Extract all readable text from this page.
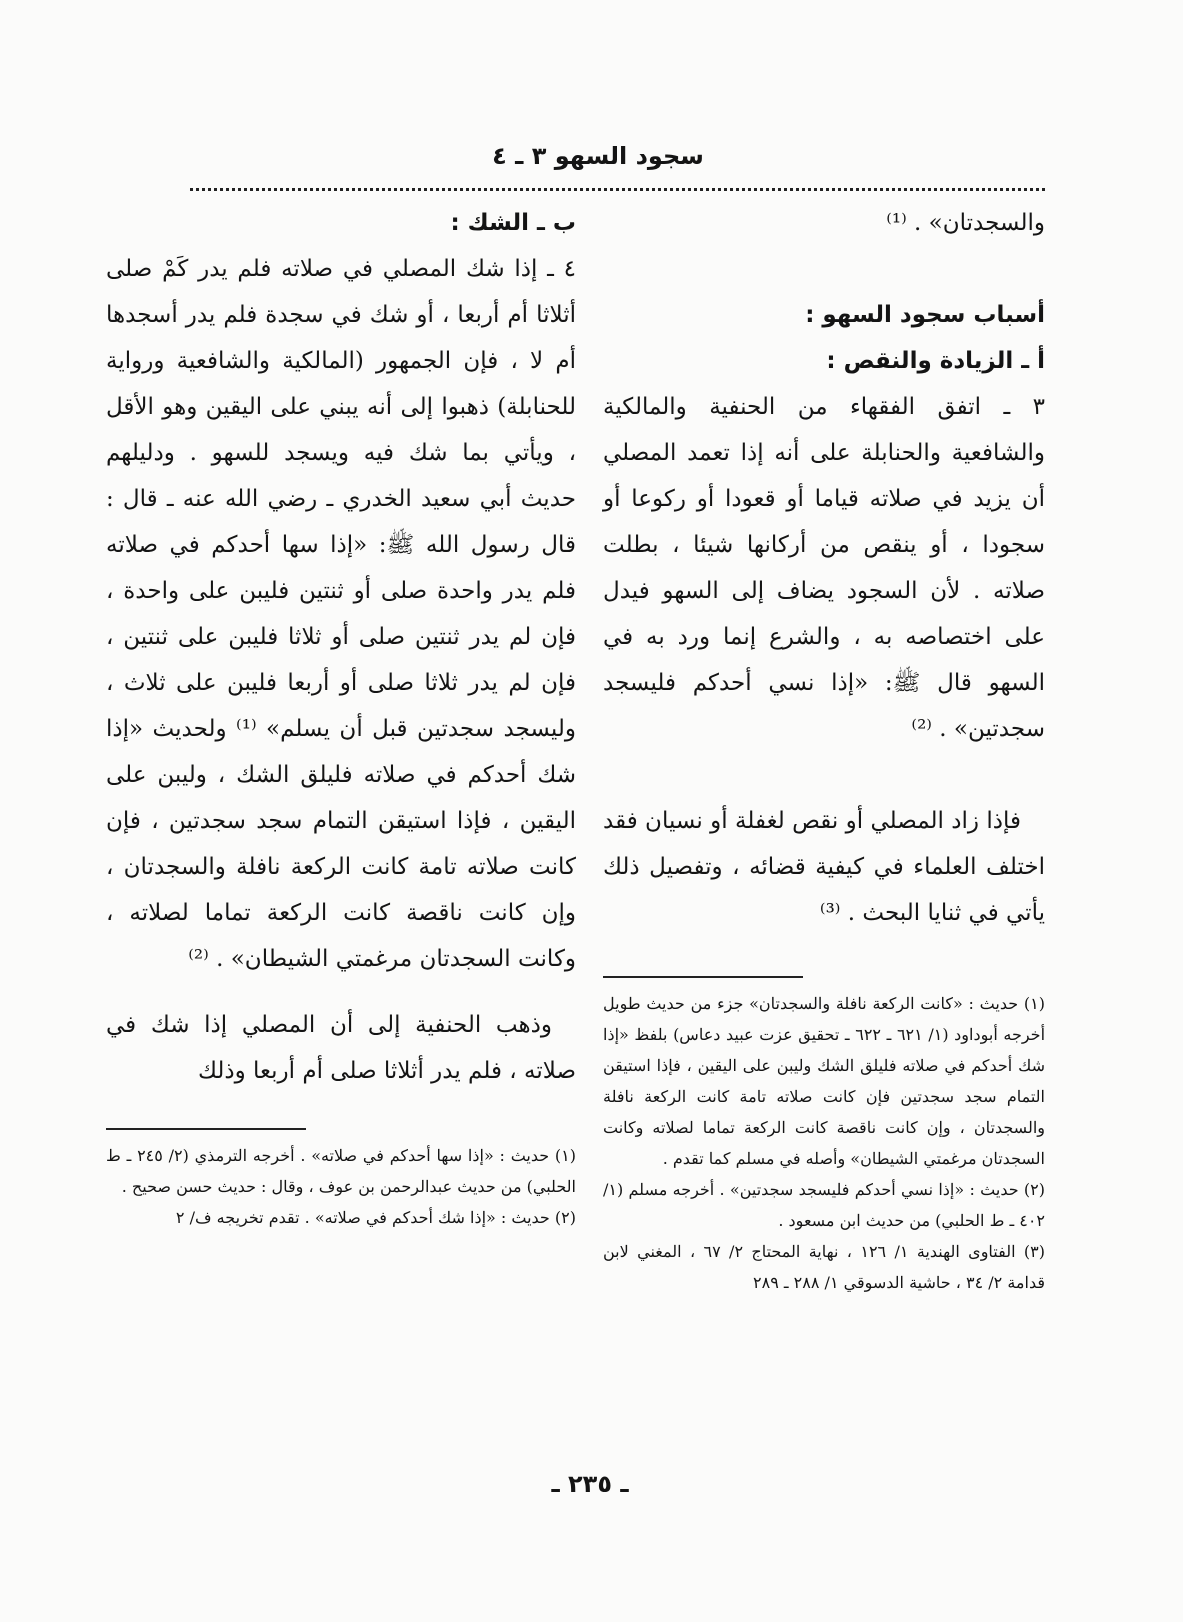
سجود السهو ٣ ـ ٤

والسجدتان» . ⁽¹⁾

أسباب سجود السهو :

أ ـ الزيادة والنقص :

٣ ـ اتفق الفقهاء من الحنفية والمالكية والشافعية والحنابلة على أنه إذا تعمد المصلي أن يزيد في صلاته قياما أو قعودا أو ركوعا أو سجودا ، أو ينقص من أركانها شيئا ، بطلت صلاته . لأن السجود يضاف إلى السهو فيدل على اختصاصه به ، والشرع إنما ورد به في السهو قال ﷺ: «إذا نسي أحدكم فليسجد سجدتين» . ⁽²⁾

فإذا زاد المصلي أو نقص لغفلة أو نسيان فقد اختلف العلماء في كيفية قضائه ، وتفصيل ذلك يأتي في ثنايا البحث . ⁽³⁾

(١) حديث : «كانت الركعة نافلة والسجدتان» جزء من حديث طويل أخرجه أبوداود (١/ ٦٢١ ـ ٦٢٢ ـ تحقيق عزت عبيد دعاس) بلفظ «إذا شك أحدكم في صلاته فليلق الشك وليبن على اليقين ، فإذا استيقن التمام سجد سجدتين فإن كانت صلاته تامة كانت الركعة نافلة والسجدتان ، وإن كانت ناقصة كانت الركعة تماما لصلاته وكانت السجدتان مرغمتي الشيطان» وأصله في مسلم كما تقدم .

(٢) حديث : «إذا نسي أحدكم فليسجد سجدتين» . أخرجه مسلم (١/ ٤٠٢ ـ ط الحلبي) من حديث ابن مسعود .

(٣) الفتاوى الهندية ١/ ١٢٦ ، نهاية المحتاج ٢/ ٦٧ ، المغني لابن قدامة ٢/ ٣٤ ، حاشية الدسوقي ١/ ٢٨٨ ـ ٢٨٩

ب ـ الشك :

٤ ـ إذا شك المصلي في صلاته فلم يدر كَمْ صلى أثلاثا أم أربعا ، أو شك في سجدة فلم يدر أسجدها أم لا ، فإن الجمهور (المالكية والشافعية ورواية للحنابلة) ذهبوا إلى أنه يبني على اليقين وهو الأقل ، ويأتي بما شك فيه ويسجد للسهو . ودليلهم حديث أبي سعيد الخدري ـ رضي الله عنه ـ قال : قال رسول الله ﷺ: «إذا سها أحدكم في صلاته فلم يدر واحدة صلى أو ثنتين فليبن على واحدة ، فإن لم يدر ثنتين صلى أو ثلاثا فليبن على ثنتين ، فإن لم يدر ثلاثا صلى أو أربعا فليبن على ثلاث ، وليسجد سجدتين قبل أن يسلم» ⁽¹⁾ ولحديث «إذا شك أحدكم في صلاته فليلق الشك ، وليبن على اليقين ، فإذا استيقن التمام سجد سجدتين ، فإن كانت صلاته تامة كانت الركعة نافلة والسجدتان ، وإن كانت ناقصة كانت الركعة تماما لصلاته ، وكانت السجدتان مرغمتي الشيطان» . ⁽²⁾

وذهب الحنفية إلى أن المصلي إذا شك في صلاته ، فلم يدر أثلاثا صلى أم أربعا وذلك

(١) حديث : «إذا سها أحدكم في صلاته» . أخرجه الترمذي (٢/ ٢٤٥ ـ ط الحلبي) من حديث عبدالرحمن بن عوف ، وقال : حديث حسن صحيح .

(٢) حديث : «إذا شك أحدكم في صلاته» . تقدم تخريجه ف/ ٢

ـ ٢٣٥ ـ
